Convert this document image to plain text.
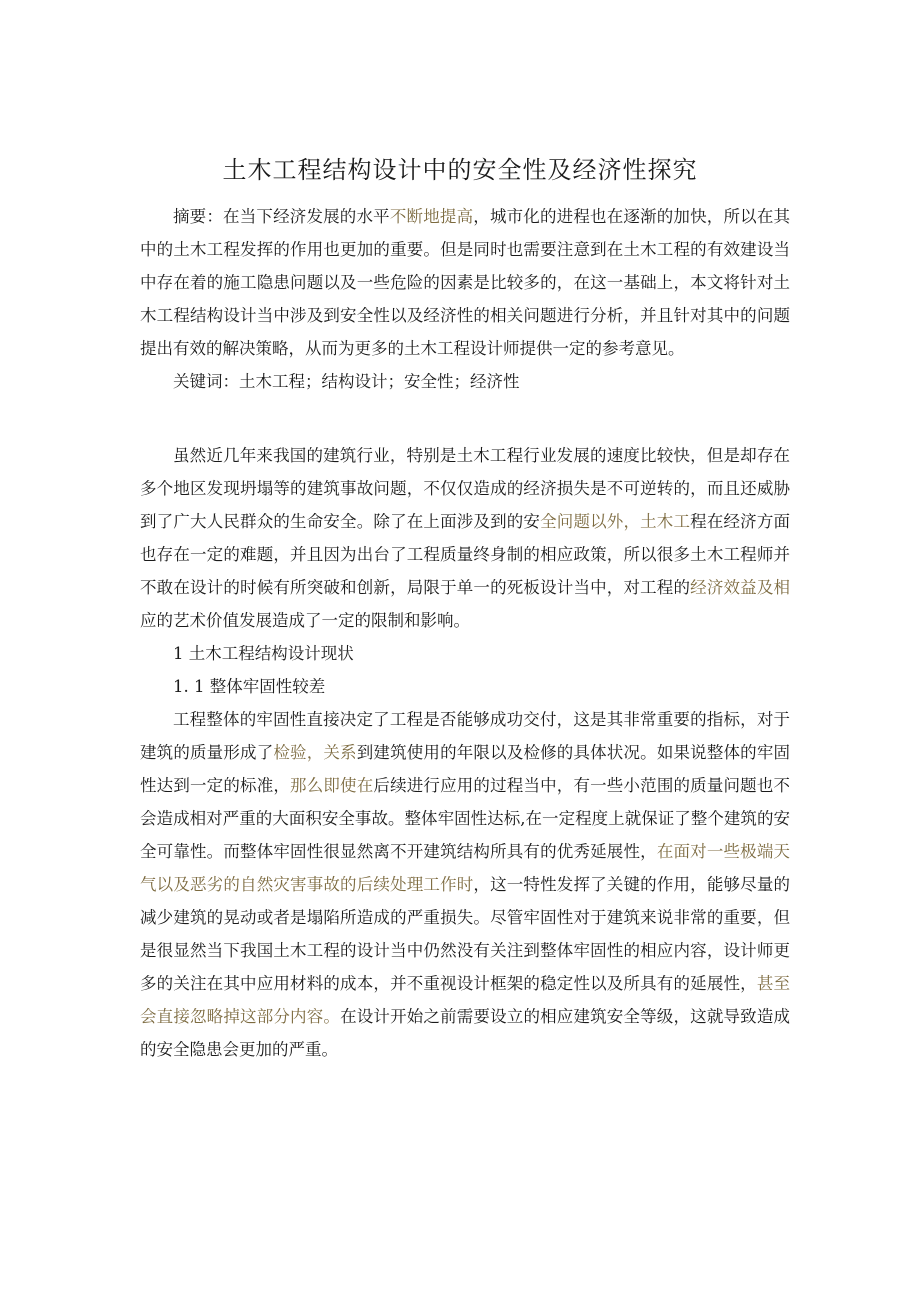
土木工程结构设计中的安全性及经济性探究

摘要：在当下经济发展的水平不断地提高，城市化的进程也在逐渐的加快，所以在其中的土木工程发挥的作用也更加的重要。但是同时也需要注意到在土木工程的有效建设当中存在着的施工隐患问题以及一些危险的因素是比较多的，在这一基础上，本文将针对土木工程结构设计当中涉及到安全性以及经济性的相关问题进行分析，并且针对其中的问题提出有效的解决策略，从而为更多的土木工程设计师提供一定的参考意见。

关键词：土木工程；结构设计；安全性；经济性

虽然近几年来我国的建筑行业，特别是土木工程行业发展的速度比较快，但是却存在多个地区发现坍塌等的建筑事故问题，不仅仅造成的经济损失是不可逆转的，而且还威胁到了广大人民群众的生命安全。除了在上面涉及到的安全问题以外，土木工程在经济方面也存在一定的难题，并且因为出台了工程质量终身制的相应政策，所以很多土木工程师并不敢在设计的时候有所突破和创新，局限于单一的死板设计当中，对工程的经济效益及相应的艺术价值发展造成了一定的限制和影响。

1 土木工程结构设计现状

1. 1 整体牢固性较差

工程整体的牢固性直接决定了工程是否能够成功交付，这是其非常重要的指标，对于建筑的质量形成了检验，关系到建筑使用的年限以及检修的具体状况。如果说整体的牢固性达到一定的标准，那么即使在后续进行应用的过程当中，有一些小范围的质量问题也不会造成相对严重的大面积安全事故。整体牢固性达标,在一定程度上就保证了整个建筑的安全可靠性。而整体牢固性很显然离不开建筑结构所具有的优秀延展性，在面对一些极端天气以及恶劣的自然灾害事故的后续处理工作时，这一特性发挥了关键的作用，能够尽量的减少建筑的晃动或者是塌陷所造成的严重损失。尽管牢固性对于建筑来说非常的重要，但是很显然当下我国土木工程的设计当中仍然没有关注到整体牢固性的相应内容，设计师更多的关注在其中应用材料的成本，并不重视设计框架的稳定性以及所具有的延展性，甚至会直接忽略掉这部分内容。在设计开始之前需要设立的相应建筑安全等级，这就导致造成的安全隐患会更加的严重。
